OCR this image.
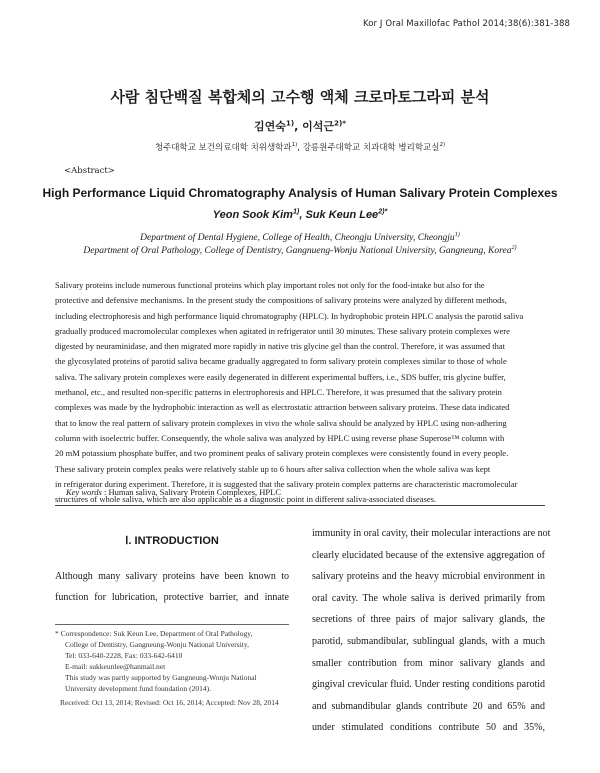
Kor J Oral Maxillofac Pathol 2014;38(6):381-388
사람 침단백질 복합체의 고수행 액체 크로마토그라피 분석
김연숙$^{1)}$, 이석근$^{2)*}$
청주대학교 보건의료대학 치위생학과$^{1)}$, 강릉원주대학교 치과대학 병리학교실$^{2)}$
<Abstract>
High Performance Liquid Chromatography Analysis of Human Salivary Protein Complexes
Yeon Sook Kim$^{1)}$, Suk Keun Lee$^{2)*}$
Department of Dental Hygiene, College of Health, Cheongju University, Cheongju$^{1)}$
Department of Oral Pathology, College of Dentistry, Gangnueng-Wonju National University, Gangneung, Korea$^{2)}$
Salivary proteins include numerous functional proteins which play important roles not only for the food-intake but also for the
protective and defensive mechanisms. In the present study the compositions of salivary proteins were analyzed by different methods,
including electrophoresis and high performance liquid chromatography (HPLC). In hydrophobic protein HPLC analysis the parotid saliva
gradually produced macromolecular complexes when agitated in refrigerator until 30 minutes. These salivary protein complexes were
digested by neuraminidase, and then migrated more rapidly in native tris glycine gel than the control. Therefore, it was assumed that
the glycosylated proteins of parotid saliva became gradually aggregated to form salivary protein complexes similar to those of whole
saliva. The salivary protein complexes were easily degenerated in different experimental buffers, i.e., SDS buffer, tris glycine buffer,
methanol, etc., and resulted non-specific patterns in electrophoresis and HPLC. Therefore, it was presumed that the salivary protein
complexes was made by the hydrophobic interaction as well as electrostatic attraction between salivary proteins. These data indicated
that to know the real pattern of salivary protein complexes in vivo the whole saliva should be analyzed by HPLC using non-adhering
column with isoelectric buffer. Consequently, the whole saliva was analyzed by HPLC using reverse phase Superose™ column with
20 mM potassium phosphate buffer, and two prominent peaks of salivary protein complexes were consistently found in every people.
These salivary protein complex peaks were relatively stable up to 6 hours after saliva collection when the whole saliva was kept
in refrigerator during experiment. Therefore, it is suggested that the salivary protein complex patterns are characteristic macromolecular
structures of whole saliva, which are also applicable as a diagnostic point in different saliva-associated diseases.
Key words : Human saliva, Salivary Protein Complexes, HPLC
Ⅰ. INTRODUCTION
Although many salivary proteins have been known to
function for lubrication, protective barrier, and innate
* Correspondence: Suk Keun Lee, Department of Oral Pathology,
College of Dentistry, Gangneung-Wonju National University,
Tel: 033-640-2228, Fax: 033-642-6410
E-mail: sukkeunlee@hanmail.net
This study was partly supported by Gangneung-Wonju National
University development fund foundation (2014).
Received: Oct 13, 2014; Revised: Oct 16, 2014; Accepted: Nov 28, 2014
immunity in oral cavity, their molecular interactions are not
clearly elucidated because of the extensive aggregation of
salivary proteins and the heavy microbial environment in
oral cavity. The whole saliva is derived primarily from
secretions of three pairs of major salivary glands, the
parotid, submandibular, sublingual glands, with a much
smaller contribution from minor salivary glands and
gingival crevicular fluid. Under resting conditions parotid
and submandibular glands contribute 20 and 65% and
under stimulated conditions contribute 50 and 35%,
